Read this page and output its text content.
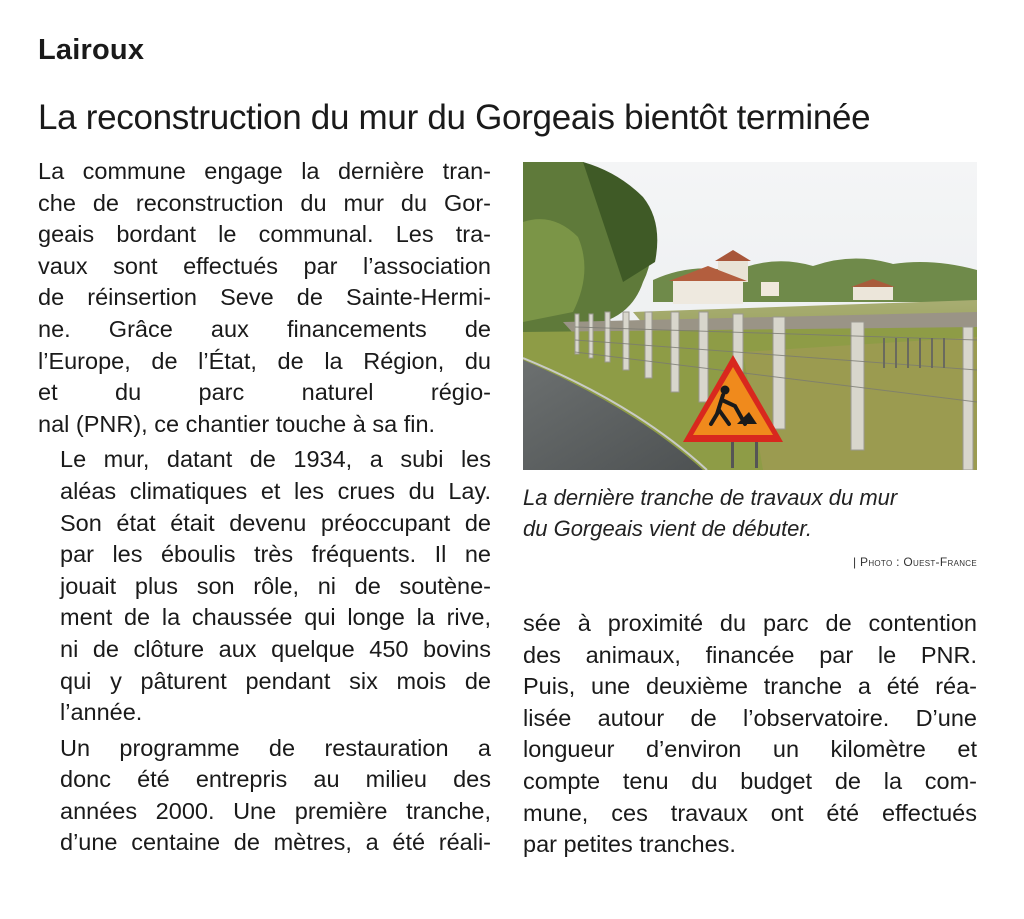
Lairoux
La reconstruction du mur du Gorgeais bientôt terminée

La commune engage la dernière tran-
che de reconstruction du mur du Gor-
geais bordant le communal. Les tra-
vaux sont effectués par l’association
de réinsertion Seve de Sainte-Hermi-
ne. Grâce aux financements de
l’Europe, de l’État, de la Région, du
et du parc naturel régio-
nal (PNR), ce chantier touche à sa fin.

Le mur, datant de 1934, a subi les
aléas climatiques et les crues du Lay.
Son état était devenu préoccupant de
par les éboulis très fréquents. Il ne
jouait plus son rôle, ni de soutène-
ment de la chaussée qui longe la rive,
ni de clôture aux quelque 450 bovins
qui y pâturent pendant six mois de
l’année.

Un programme de restauration a
donc été entrepris au milieu des
années 2000. Une première tranche,
d’une centaine de mètres, a été réali-

La dernière tranche de travaux du mur
du Gorgeais vient de débuter.
| Photo : Ouest-France

sée à proximité du parc de contention
des animaux, financée par le PNR.
Puis, une deuxième tranche a été réa-
lisée autour de l’observatoire. D’une
longueur d’environ un kilomètre et
compte tenu du budget de la com-
mune, ces travaux ont été effectués
par petites tranches.
